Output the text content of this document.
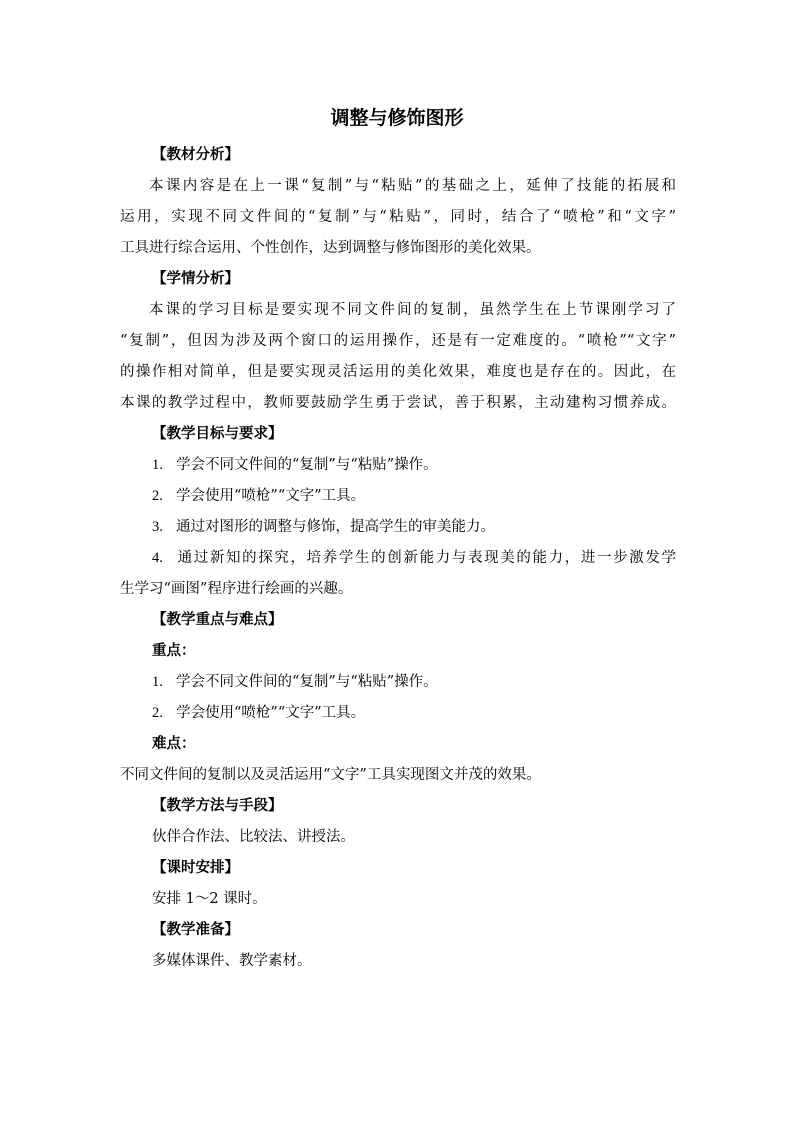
调整与修饰图形
【教材分析】
本课内容是在上一课“复制”与“粘贴”的基础之上，延伸了技能的拓展和
运用，实现不同文件间的“复制”与“粘贴”，同时，结合了“喷枪”和“文字”
工具进行综合运用、个性创作，达到调整与修饰图形的美化效果。
【学情分析】
本课的学习目标是要实现不同文件间的复制，虽然学生在上节课刚学习了
“复制”，但因为涉及两个窗口的运用操作，还是有一定难度的。“喷枪”“文字”
的操作相对简单，但是要实现灵活运用的美化效果，难度也是存在的。因此，在
本课的教学过程中，教师要鼓励学生勇于尝试，善于积累，主动建构习惯养成。
【教学目标与要求】
1. 学会不同文件间的“复制”与“粘贴”操作。
2. 学会使用“喷枪”“文字”工具。
3. 通过对图形的调整与修饰，提高学生的审美能力。
4. 通过新知的探究，培养学生的创新能力与表现美的能力，进一步激发学
生学习“画图”程序进行绘画的兴趣。
【教学重点与难点】
重点：
1. 学会不同文件间的“复制”与“粘贴”操作。
2. 学会使用“喷枪”“文字”工具。
难点：
不同文件间的复制以及灵活运用“文字”工具实现图文并茂的效果。
【教学方法与手段】
伙伴合作法、比较法、讲授法。
【课时安排】
安排 1～2 课时。
【教学准备】
多媒体课件、教学素材。
